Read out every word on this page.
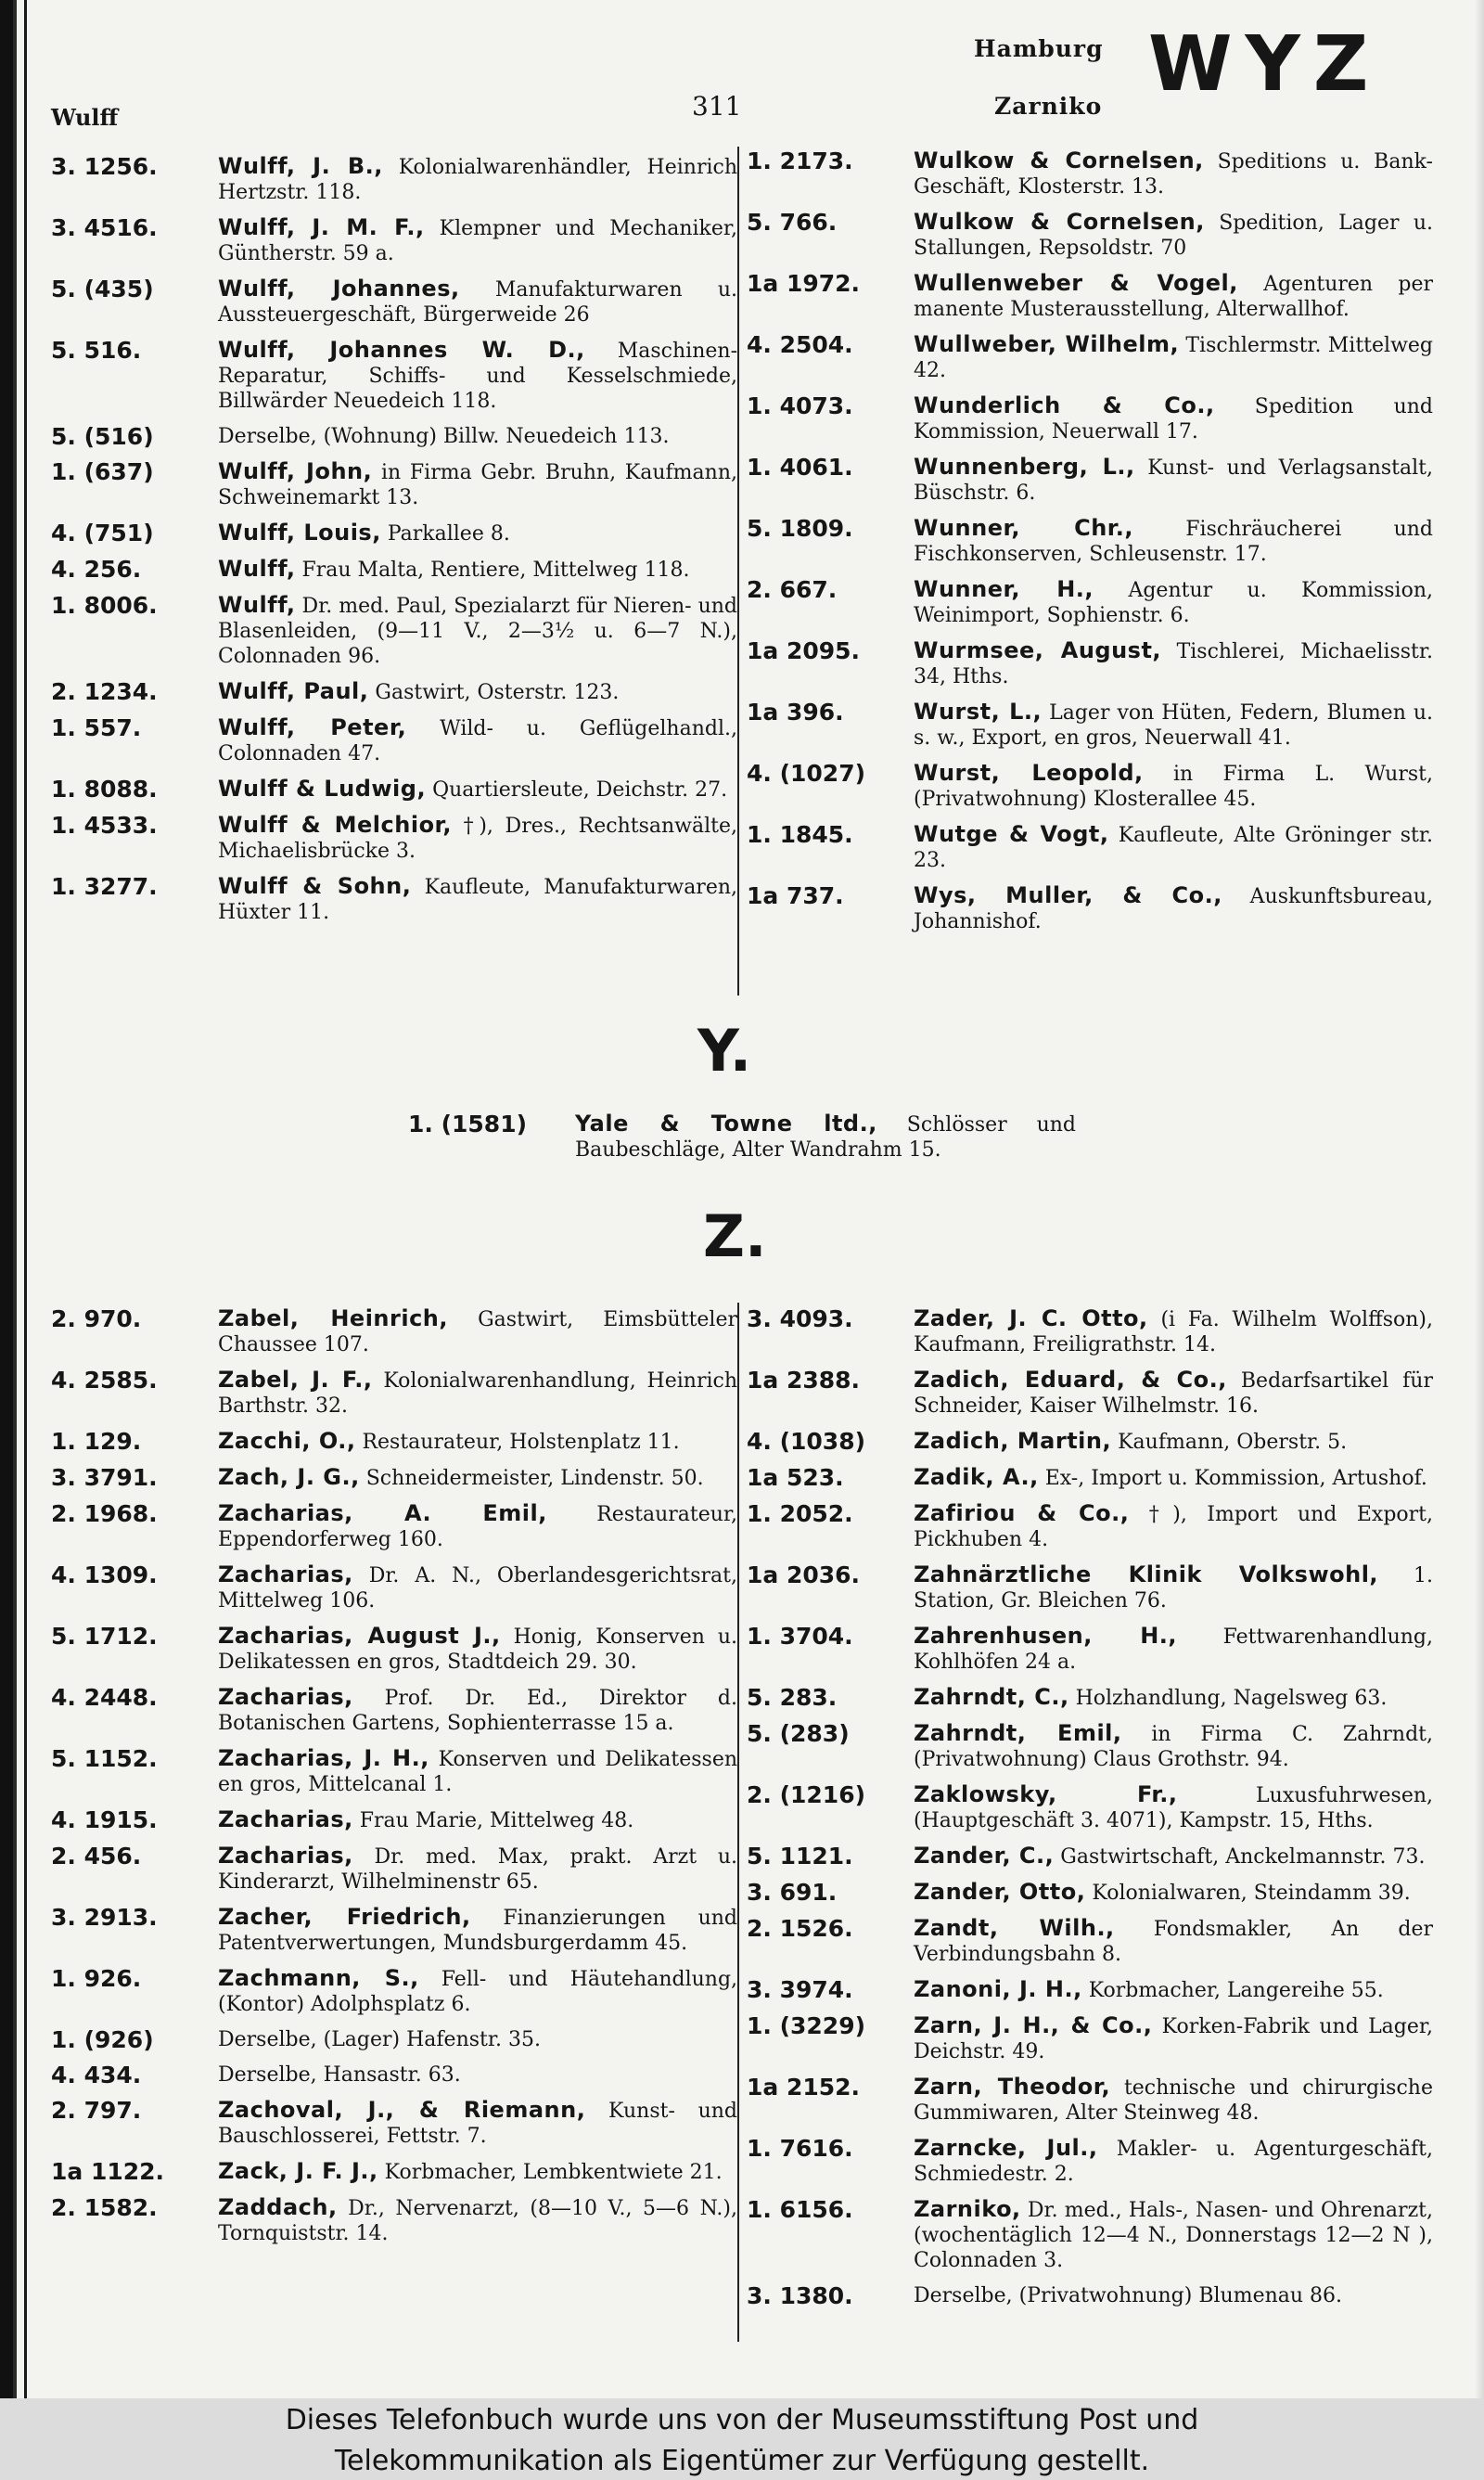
Wulff	311
Hamburg
Zarniko WYZ
3. 1256.	Wulff, J. B., Kolonialwarenhändler, Heinrich Hertzstr. 118.
3. 4516.	Wulff, J. M. F., Klempner und Mechaniker, Güntherstr. 59 a.
5. (435)	Wulff, Johannes, Manufakturwaren u. Aussteuergeschäft, Bürgerweide 26
5. 516.	Wulff, Johannes W. D., Maschinen-Reparatur, Schiffs- und Kesselschmiede, Billwärder Neuedeich 118.
5. (516)	Derselbe, (Wohnung) Billw. Neuedeich 113.
1. (637)	Wulff, John, in Firma Gebr. Bruhn, Kaufmann, Schweinemarkt 13.
4. (751)	Wulff, Louis, Parkallee 8.
4. 256.	Wulff, Frau Malta, Rentiere, Mittelweg 118.
1. 8006.	Wulff, Dr. med. Paul, Spezialarzt für Nieren- und Blasenleiden, (9—11 V., 2—3½ u. 6—7 N.), Colonnaden 96.
2. 1234.	Wulff, Paul, Gastwirt, Osterstr. 123.
1. 557.	Wulff, Peter, Wild- u. Geflügelhandl., Colonnaden 47.
1. 8088.	Wulff & Ludwig, Quartiersleute, Deichstr. 27.
1. 4533.	Wulff & Melchior, †), Dres., Rechtsanwälte, Michaelisbrücke 3.
1. 3277.	Wulff & Sohn, Kaufleute, Manufakturwaren, Hüxter 11.
1. 2173.	Wulkow & Cornelsen, Speditions u. Bank-Geschäft, Klosterstr. 13.
5. 766.	Wulkow & Cornelsen, Spedition, Lager u. Stallungen, Repsoldstr. 70
1a 1972.	Wullenweber & Vogel, Agenturen per manente Musterausstellung, Alterwallhof.
4. 2504.	Wullweber, Wilhelm, Tischlermstr. Mittelweg 42.
1. 4073.	Wunderlich & Co., Spedition und Kommission, Neuerwall 17.
1. 4061.	Wunnenberg, L., Kunst- und Verlagsanstalt, Büschstr. 6.
5. 1809.	Wunner, Chr.,	Fischräucherei und Fischkonserven, Schleusenstr. 17.
2. 667.	Wunner, H., Agentur u. Kommission, Weinimport, Sophienstr. 6.
1a 2095.	Wurmsee, August, Tischlerei, Michaelisstr. 34, Hths.
1a 396.	Wurst, L., Lager von Hüten, Federn, Blumen u. s. w., Export, en gros, Neuerwall 41.
4. (1027)	Wurst, Leopold, in Firma L. Wurst, (Privatwohnung) Klosterallee 45.
1. 1845.	Wutge & Vogt, Kaufleute, Alte Gröninger str. 23.
1a 737.	Wys, Muller, & Co., Auskunftsbureau, Johannishof.
Y.
1. (1581)	Yale & Towne ltd., Schlösser und Baubeschläge, Alter Wandrahm 15.
Z.
2. 970.	Zabel, Heinrich, Gastwirt, Eimsbütteler Chaussee 107.
4. 2585.	Zabel, J. F., Kolonialwarenhandlung, Heinrich Barthstr. 32.
1. 129.	Zacchi, O., Restaurateur, Holstenplatz 11.
3. 3791.	Zach, J. G., Schneidermeister, Lindenstr. 50.
2. 1968.	Zacharias, A. Emil, Restaurateur, Eppendorferweg 160.
4. 1309.	Zacharias, Dr. A. N., Oberlandesgerichtsrat, Mittelweg 106.
5. 1712.	Zacharias, August J., Honig, Konserven u. Delikatessen en gros, Stadtdeich 29. 30.
4. 2448.	Zacharias, Prof. Dr. Ed., Direktor d. Botanischen Gartens, Sophienterrasse 15 a.
5. 1152.	Zacharias, J. H., Konserven und Delikatessen en gros, Mittelcanal 1.
4. 1915.	Zacharias, Frau Marie, Mittelweg 48.
2. 456.	Zacharias, Dr. med. Max, prakt. Arzt u. Kinderarzt, Wilhelminenstr 65.
3. 2913.	Zacher, Friedrich, Finanzierungen und Patentverwertungen, Mundsburgerdamm 45.
1. 926.	Zachmann, S., Fell- und Häutehandlung, (Kontor) Adolphsplatz 6.
1. (926)	Derselbe, (Lager) Hafenstr. 35.
4. 434.	Derselbe, Hansastr. 63.
2. 797.	Zachoval, J., & Riemann, Kunst- und Bauschlosserei, Fettstr. 7.
1a 1122.	Zack, J. F. J., Korbmacher, Lembkentwiete 21.
2. 1582.	Zaddach, Dr., Nervenarzt, (8—10 V., 5—6 N.), Tornquiststr. 14.
3. 4093.	Zader, J. C. Otto, (i Fa. Wilhelm Wolffson), Kaufmann, Freiligrathstr. 14.
1a 2388.	Zadich, Eduard, & Co., Bedarfsartikel für Schneider, Kaiser Wilhelmstr. 16.
4. (1038)	Zadich, Martin, Kaufmann, Oberstr. 5.
1a 523.	Zadik, A., Ex-, Import u. Kommission, Artushof.
1. 2052.	Zafiriou & Co., †), Import und Export, Pickhuben 4.
1a 2036.	Zahnärztliche Klinik Volkswohl, 1. Station, Gr. Bleichen 76.
1. 3704.	Zahrenhusen, H., Fettwarenhandlung, Kohlhöfen 24 a.
5. 283.	Zahrndt, C., Holzhandlung, Nagelsweg 63.
5. (283)	Zahrndt, Emil, in Firma C. Zahrndt, (Privatwohnung) Claus Grothstr. 94.
2. (1216)	Zaklowsky, Fr.,	Luxusfuhrwesen, (Hauptgeschäft 3. 4071), Kampstr. 15, Hths.
5. 1121.	Zander, C., Gastwirtschaft, Anckelmannstr. 73.
3. 691.	Zander, Otto, Kolonialwaren, Steindamm 39.
2. 1526.	Zandt, Wilh., Fondsmakler, An der Verbindungsbahn 8.
3. 3974.	Zanoni, J. H., Korbmacher, Langereihe 55.
1. (3229)	Zarn, J. H., & Co., Korken-Fabrik und Lager, Deichstr. 49.
1a 2152.	Zarn, Theodor, technische und chirurgische Gummiwaren, Alter Steinweg 48.
1. 7616.	Zarncke, Jul., Makler- u. Agenturgeschäft, Schmiedestr. 2.
1. 6156.	Zarniko, Dr. med., Hals-, Nasen- und Ohrenarzt, (wochentäglich 12—4 N., Donnerstags 12—2 N ), Colonnaden 3.
3. 1380.	Derselbe, (Privatwohnung) Blumenau 86.
Dieses Telefonbuch wurde uns von der Museumsstiftung Post und
Telekommunikation als Eigentümer zur Verfügung gestellt.
